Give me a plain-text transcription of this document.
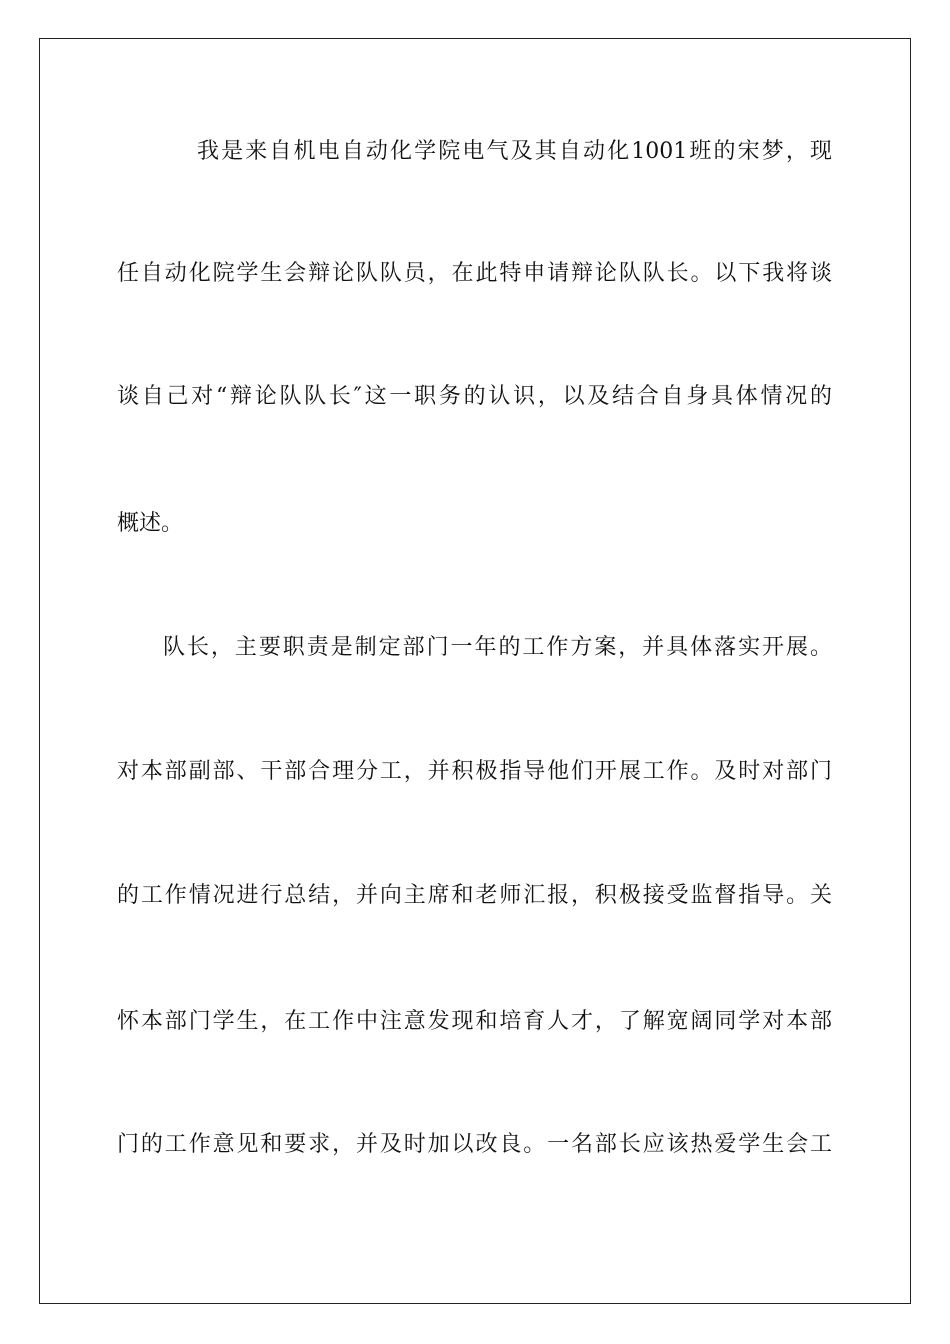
我是来自机电自动化学院电气及其自动化1001班的宋梦，现
任自动化院学生会辩论队队员，在此特申请辩论队队长。以下我将谈
谈自己对“辩论队队长″这一职务的认识，以及结合自身具体情况的
概述。
队长，主要职责是制定部门一年的工作方案，并具体落实开展。
对本部副部、干部合理分工，并积极指导他们开展工作。及时对部门
的工作情况进行总结，并向主席和老师汇报，积极接受监督指导。关
怀本部门学生，在工作中注意发现和培育人才，了解宽阔同学对本部
门的工作意见和要求，并及时加以改良。一名部长应该热爱学生会工
